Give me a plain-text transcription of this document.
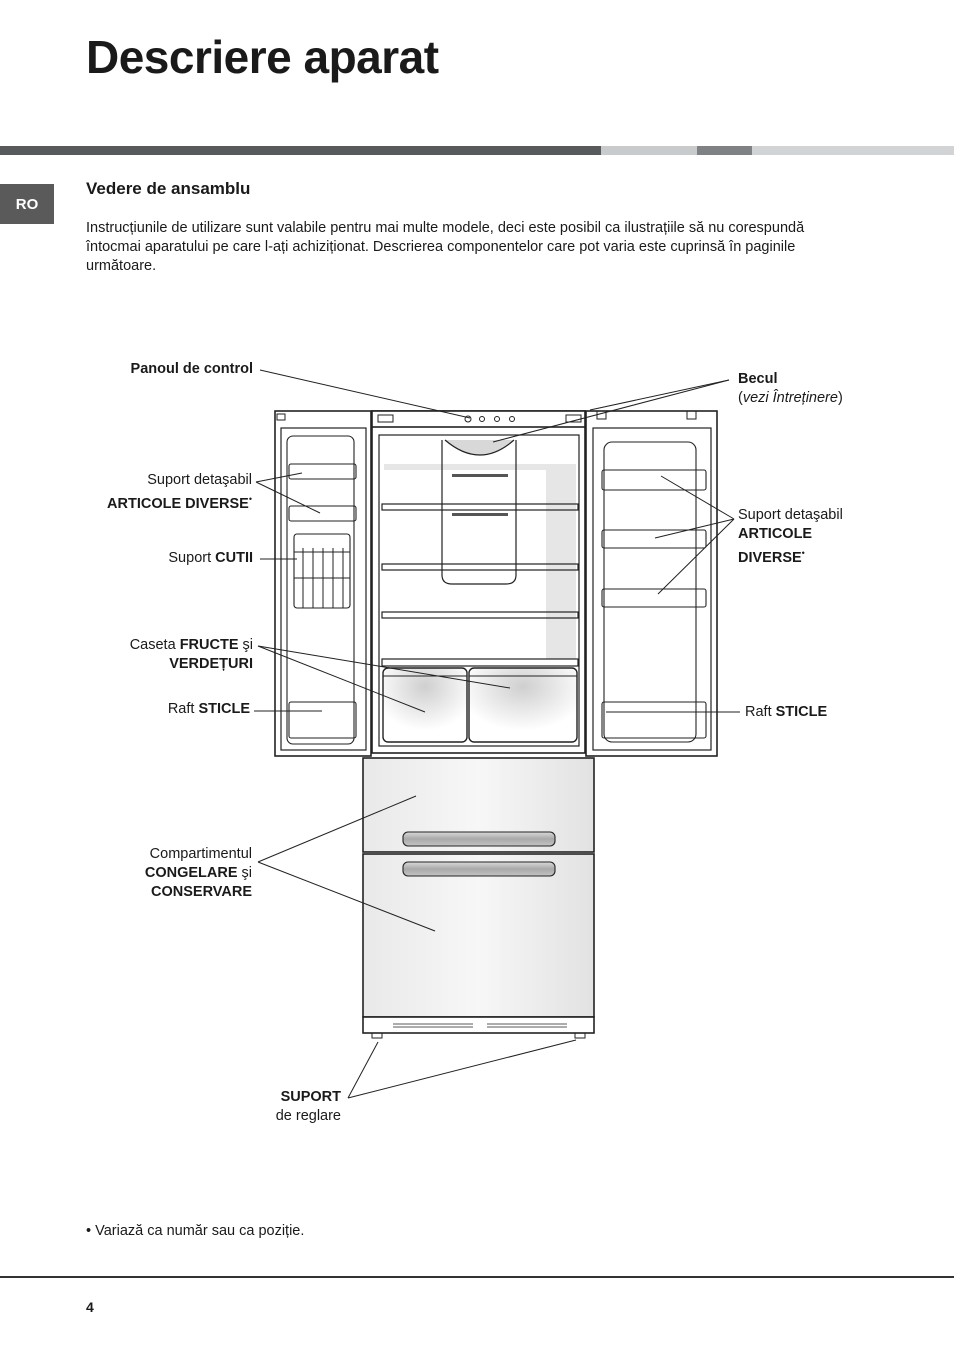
Descriere aparat
RO
Vedere de ansamblu

Instrucțiunile de utilizare sunt valabile pentru mai multe modele, deci este posibil ca ilustrațiile să nu corespundă întocmai aparatului pe care l-ați achiziționat. Descrierea componentelor care pot varia este cuprinsă în paginile următoare.

Panoul de control
Becul
(vezi Întreținere)
Suport detaşabil
ARTICOLE DIVERSE•
Suport CUTII
Caseta FRUCTE şi
VERDEȚURI
Raft STICLE
Suport detaşabil
ARTICOLE
DIVERSE•
Raft STICLE
Compartimentul
CONGELARE şi
CONSERVARE
SUPORT
de reglare
• Variază ca număr sau ca poziție.
4
